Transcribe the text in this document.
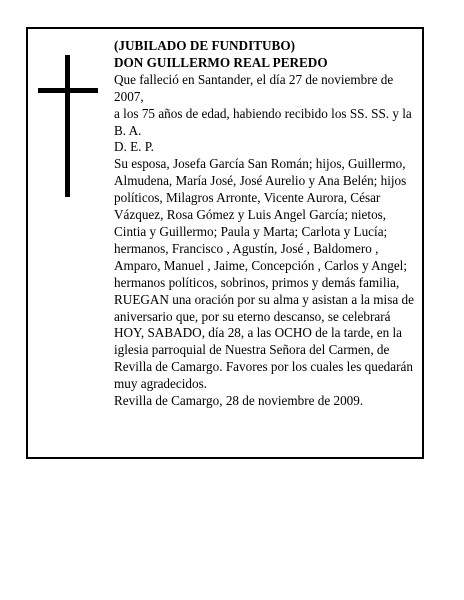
(JUBILADO DE FUNDITUBO)

DON GUILLERMO REAL PEREDO

Que falleció en Santander, el día 27 de noviembre de 2007,

a los 75 años de edad, habiendo recibido los SS. SS. y la B. A.

D. E. P.

Su esposa, Josefa García San Román; hijos, Guillermo, Almudena, María José, José Aurelio y Ana Belén; hijos políticos, Milagros Arronte, Vicente Aurora, César Vázquez, Rosa Gómez y Luis Angel García; nietos, Cintia y Guillermo; Paula y Marta; Carlota y Lucía; hermanos, Francisco , Agustín, José , Baldomero , Amparo, Manuel , Jaime, Concepción , Carlos y Angel; hermanos políticos, sobrinos, primos y demás familia, RUEGAN una oración por su alma y asistan a la misa de aniversario que, por su eterno descanso, se celebrará HOY, SABADO, día 28, a las OCHO de la tarde, en la iglesia parroquial de Nuestra Señora del Carmen, de Revilla de Camargo. Favores por los cuales les quedarán muy agradecidos.

Revilla de Camargo, 28 de noviembre de 2009.
